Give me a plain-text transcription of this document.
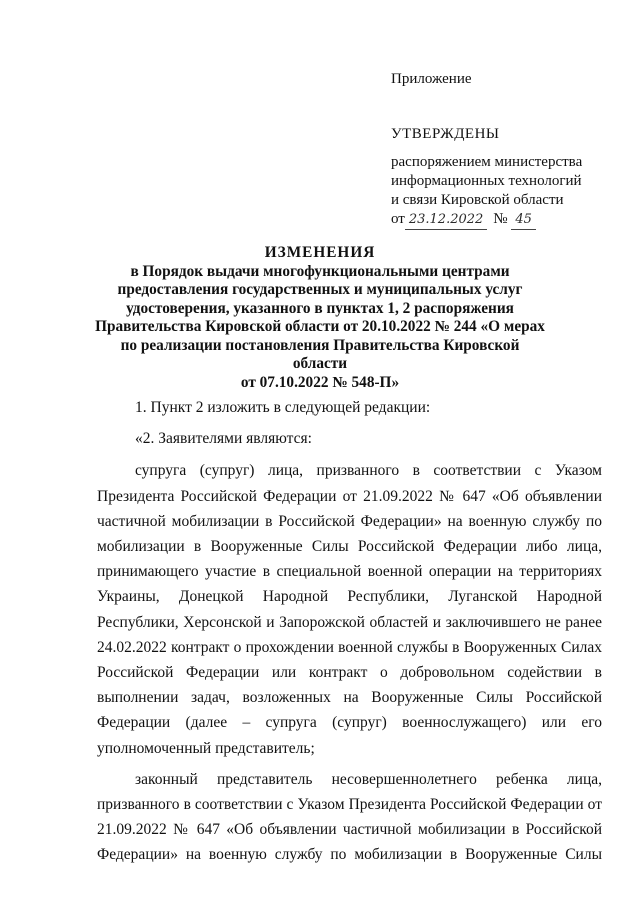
Приложение
УТВЕРЖДЕНЫ
распоряжением министерства
информационных технологий
и связи Кировской области
от 23.12.2022 № 45
ИЗМЕНЕНИЯ
в Порядок выдачи многофункциональными центрами
предоставления государственных и муниципальных услуг
удостоверения, указанного в пунктах 1, 2 распоряжения
Правительства Кировской области от 20.10.2022 № 244 «О мерах
по реализации постановления Правительства Кировской области
от 07.10.2022 № 548-П»
1. Пункт 2 изложить в следующей редакции:
«2. Заявителями являются:
супруга (супруг) лица, призванного в соответствии с Указом
Президента Российской Федерации от 21.09.2022 № 647 «Об объявлении
частичной мобилизации в Российской Федерации» на военную службу по
мобилизации в Вооруженные Силы Российской Федерации либо лица,
принимающего участие в специальной военной операции на территориях
Украины, Донецкой Народной Республики, Луганской Народной
Республики, Херсонской и Запорожской областей и заключившего не ранее
24.02.2022 контракт о прохождении военной службы в Вооруженных Силах
Российской Федерации или контракт о добровольном содействии в
выполнении задач, возложенных на Вооруженные Силы Российской
Федерации (далее – супруга (супруг) военнослужащего) или его
уполномоченный представитель;
законный представитель несовершеннолетнего ребенка лица,
призванного в соответствии с Указом Президента Российской Федерации от
21.09.2022 № 647 «Об объявлении частичной мобилизации в Российской
Федерации» на военную службу по мобилизации в Вооруженные Силы
